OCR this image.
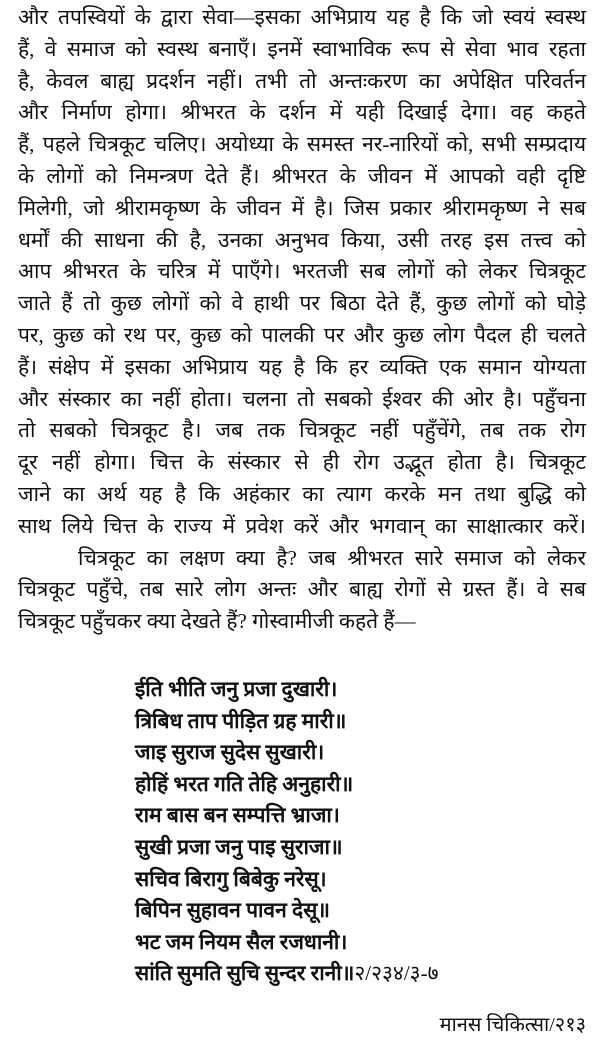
और तपस्वियों के द्वारा सेवा—इसका अभिप्राय यह है कि जो स्वयं स्वस्थ
हैं, वे समाज को स्वस्थ बनाएँ। इनमें स्वाभाविक रूप से सेवा भाव रहता
है, केवल बाह्य प्रदर्शन नहीं। तभी तो अन्तःकरण का अपेक्षित परिवर्तन
और निर्माण होगा। श्रीभरत के दर्शन में यही दिखाई देगा। वह कहते
हैं, पहले चित्रकूट चलिए। अयोध्या के समस्त नर-नारियों को, सभी सम्प्रदाय
के लोगों को निमन्त्रण देते हैं। श्रीभरत के जीवन में आपको वही दृष्टि
मिलेगी, जो श्रीरामकृष्ण के जीवन में है। जिस प्रकार श्रीरामकृष्ण ने सब
धर्मों की साधना की है, उनका अनुभव किया, उसी तरह इस तत्त्व को
आप श्रीभरत के चरित्र में पाएँगे। भरतजी सब लोगों को लेकर चित्रकूट
जाते हैं तो कुछ लोगों को वे हाथी पर बिठा देते हैं, कुछ लोगों को घोड़े
पर, कुछ को रथ पर, कुछ को पालकी पर और कुछ लोग पैदल ही चलते
हैं। संक्षेप में इसका अभिप्राय यह है कि हर व्यक्ति एक समान योग्यता
और संस्कार का नहीं होता। चलना तो सबको ईश्वर की ओर है। पहुँचना
तो सबको चित्रकूट है। जब तक चित्रकूट नहीं पहुँचेंगे, तब तक रोग
दूर नहीं होगा। चित्त के संस्कार से ही रोग उद्भूत होता है। चित्रकूट
जाने का अर्थ यह है कि अहंकार का त्याग करके मन तथा बुद्धि को
साथ लिये चित्त के राज्य में प्रवेश करें और भगवान् का साक्षात्कार करें।
चित्रकूट का लक्षण क्या है? जब श्रीभरत सारे समाज को लेकर
चित्रकूट पहुँचे, तब सारे लोग अन्तः और बाह्य रोगों से ग्रस्त हैं। वे सब
चित्रकूट पहुँचकर क्या देखते हैं? गोस्वामीजी कहते हैं—
ईति भीति जनु प्रजा दुखारी।
त्रिबिध ताप पीड़ित ग्रह मारी॥
जाइ सुराज सुदेस सुखारी।
होहिं भरत गति तेहि अनुहारी॥
राम बास बन सम्पत्ति भ्राजा।
सुखी प्रजा जनु पाइ सुराजा॥
सचिव बिरागु बिबेकु नरेसू।
बिपिन सुहावन पावन देसू॥
भट जम नियम सैल रजधानी।
सांति सुमति सुचि सुन्दर रानी॥२/२३४/३-७
मानस चिकित्सा/२१३
